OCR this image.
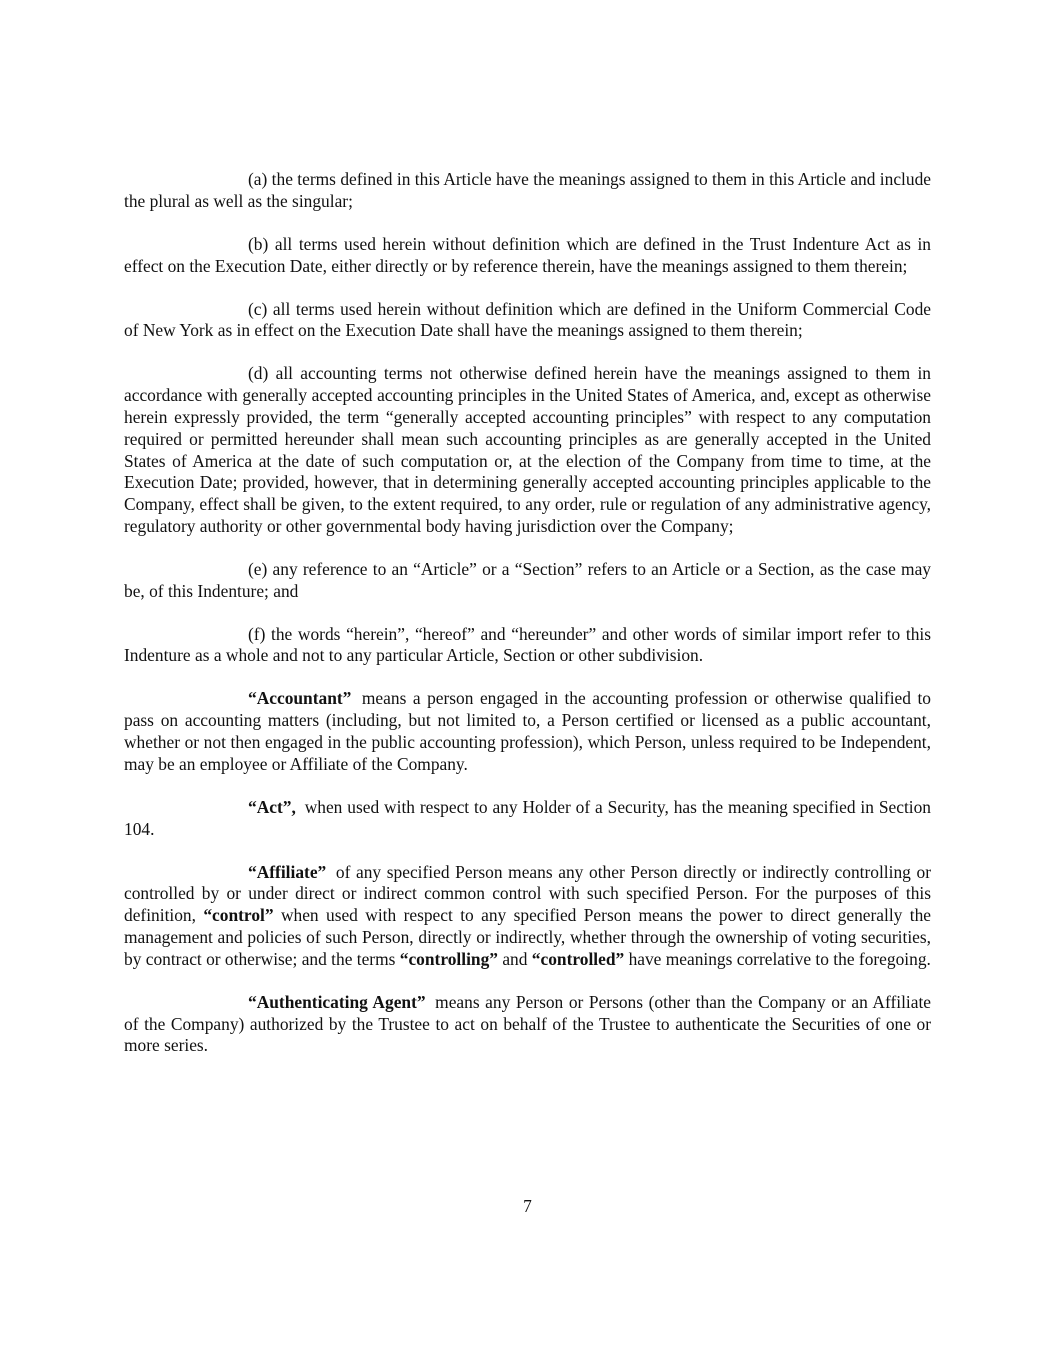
(a) the terms defined in this Article have the meanings assigned to them in this Article and include the plural as well as the singular;

(b) all terms used herein without definition which are defined in the Trust Indenture Act as in effect on the Execution Date, either directly or by reference therein, have the meanings assigned to them therein;

(c) all terms used herein without definition which are defined in the Uniform Commercial Code of New York as in effect on the Execution Date shall have the meanings assigned to them therein;

(d) all accounting terms not otherwise defined herein have the meanings assigned to them in accordance with generally accepted accounting principles in the United States of America, and, except as otherwise herein expressly provided, the term “generally accepted accounting principles” with respect to any computation required or permitted hereunder shall mean such accounting principles as are generally accepted in the United States of America at the date of such computation or, at the election of the Company from time to time, at the Execution Date; provided, however, that in determining generally accepted accounting principles applicable to the Company, effect shall be given, to the extent required, to any order, rule or regulation of any administrative agency, regulatory authority or other governmental body having jurisdiction over the Company;

(e) any reference to an “Article” or a “Section” refers to an Article or a Section, as the case may be, of this Indenture; and

(f) the words “herein”, “hereof” and “hereunder” and other words of similar import refer to this Indenture as a whole and not to any particular Article, Section or other subdivision.

“Accountant” means a person engaged in the accounting profession or otherwise qualified to pass on accounting matters (including, but not limited to, a Person certified or licensed as a public accountant, whether or not then engaged in the public accounting profession), which Person, unless required to be Independent, may be an employee or Affiliate of the Company.

“Act”, when used with respect to any Holder of a Security, has the meaning specified in Section 104.

“Affiliate” of any specified Person means any other Person directly or indirectly controlling or controlled by or under direct or indirect common control with such specified Person. For the purposes of this definition, “control” when used with respect to any specified Person means the power to direct generally the management and policies of such Person, directly or indirectly, whether through the ownership of voting securities, by contract or otherwise; and the terms “controlling” and “controlled” have meanings correlative to the foregoing.

“Authenticating Agent” means any Person or Persons (other than the Company or an Affiliate of the Company) authorized by the Trustee to act on behalf of the Trustee to authenticate the Securities of one or more series.

7
